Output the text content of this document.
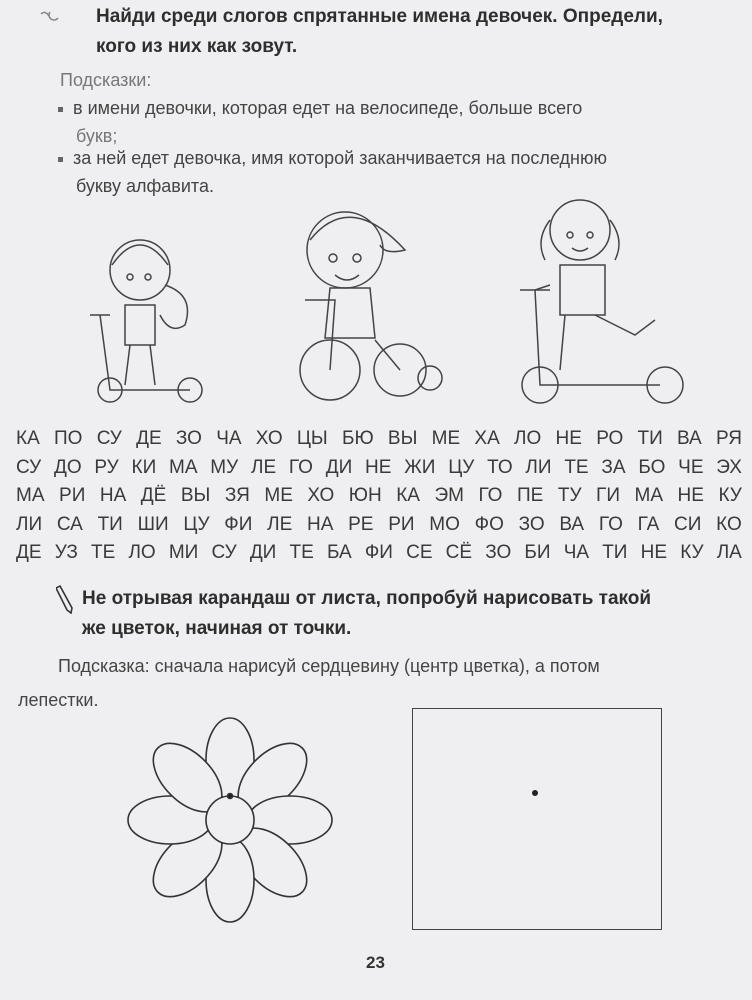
Найди среди слогов спрятанные имена девочек. Определи,
кого из них как зовут.
Подсказки:
в имени девочки, которая едет на велосипеде, больше всего
букв;
за ней едет девочка, имя которой заканчивается на последнюю
букву алфавита.
КА ПО СУ ДЕ ЗО ЧА ХО ЦЫ БЮ ВЫ МЕ ХА ЛО НЕ РО ТИ ВА РЯ
СУ ДО РУ КИ МА МУ ЛЕ ГО ДИ НЕ ЖИ ЦУ ТО ЛИ ТЕ ЗА БО ЧЕ ЭХ
МА РИ НА ДЁ ВЫ ЗЯ МЕ ХО ЮН КА ЭМ ГО ПЕ ТУ ГИ МА НЕ КУ
ЛИ СА ТИ ШИ ЦУ ФИ ЛЕ НА РЕ РИ МО ФО ЗО ВА ГО ГА СИ КО
ДЕ УЗ ТЕ ЛО МИ СУ ДИ ТЕ БА ФИ СЕ СЁ ЗО БИ ЧА ТИ НЕ КУ ЛА
Не отрывая карандаш от листа, попробуй нарисовать такой
же цветок, начиная от точки.
Подсказка: сначала нарисуй сердцевину (центр цветка), а потом
лепестки.
23
